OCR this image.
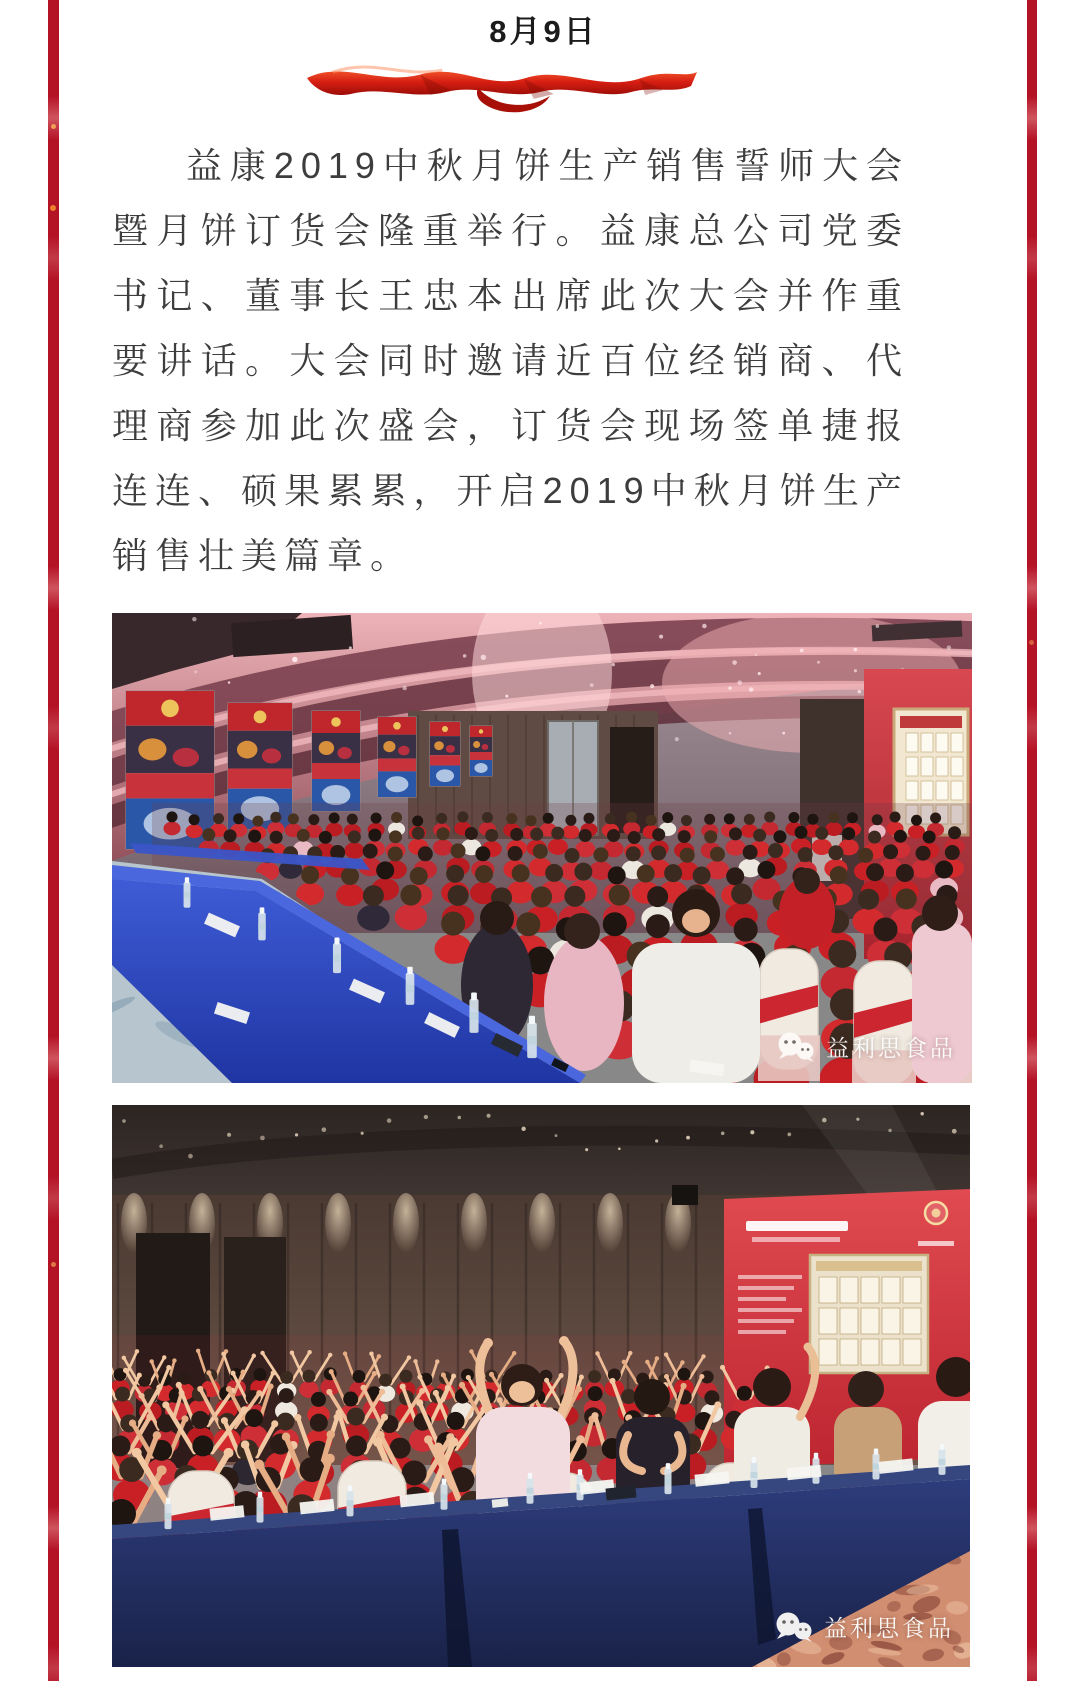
8月9日
益康2019中秋月饼生产销售誓师大会
暨月饼订货会隆重举行。益康总公司党委
书记、董事长王忠本出席此次大会并作重
要讲话。大会同时邀请近百位经销商、代
理商参加此次盛会，订货会现场签单捷报
连连、硕果累累，开启2019中秋月饼生产
销售壮美篇章。
益利思食品
益利思食品
